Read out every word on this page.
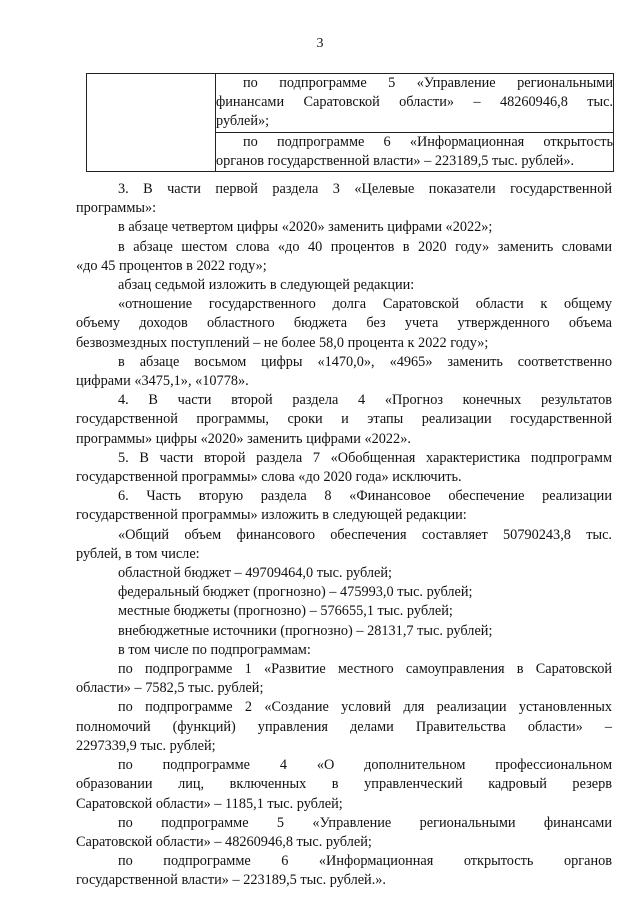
3

по подпрограмме 5 «Управление региональными
финансами Саратовской области» – 48260946,8 тыс.
рублей»;

по подпрограмме 6 «Информационная открытость
органов государственной власти» – 223189,5 тыс. рублей».
3. В части первой раздела 3 «Целевые показатели государственной
программы»:
в абзаце четвертом цифры «2020» заменить цифрами «2022»;
в абзаце шестом слова «до 40 процентов в 2020 году» заменить словами
«до 45 процентов в 2022 году»;
абзац седьмой изложить в следующей редакции:
«отношение государственного долга Саратовской области к общему
объему доходов областного бюджета без учета утвержденного объема
безвозмездных поступлений – не более 58,0 процента к 2022 году»;
в абзаце восьмом цифры «1470,0», «4965» заменить соответственно
цифрами «3475,1», «10778».
4. В части второй раздела 4 «Прогноз конечных результатов
государственной программы, сроки и этапы реализации государственной
программы» цифры «2020» заменить цифрами «2022».
5. В части второй раздела 7 «Обобщенная характеристика подпрограмм
государственной программы» слова «до 2020 года» исключить.
6. Часть вторую раздела 8 «Финансовое обеспечение реализации
государственной программы» изложить в следующей редакции:
«Общий объем финансового обеспечения составляет 50790243,8 тыс.
рублей, в том числе:
областной бюджет – 49709464,0 тыс. рублей;
федеральный бюджет (прогнозно) – 475993,0 тыс. рублей;
местные бюджеты (прогнозно) – 576655,1 тыс. рублей;
внебюджетные источники (прогнозно) – 28131,7 тыс. рублей;
в том числе по подпрограммам:
по подпрограмме 1 «Развитие местного самоуправления в Саратовской
области» – 7582,5 тыс. рублей;
по подпрограмме 2 «Создание условий для реализации установленных
полномочий (функций) управления делами Правительства области» –
2297339,9 тыс. рублей;
по подпрограмме 4 «О дополнительном профессиональном
образовании лиц, включенных в управленческий кадровый резерв
Саратовской области» – 1185,1 тыс. рублей;
по подпрограмме 5 «Управление региональными финансами
Саратовской области» – 48260946,8 тыс. рублей;
по подпрограмме 6 «Информационная открытость органов
государственной власти» – 223189,5 тыс. рублей.».
